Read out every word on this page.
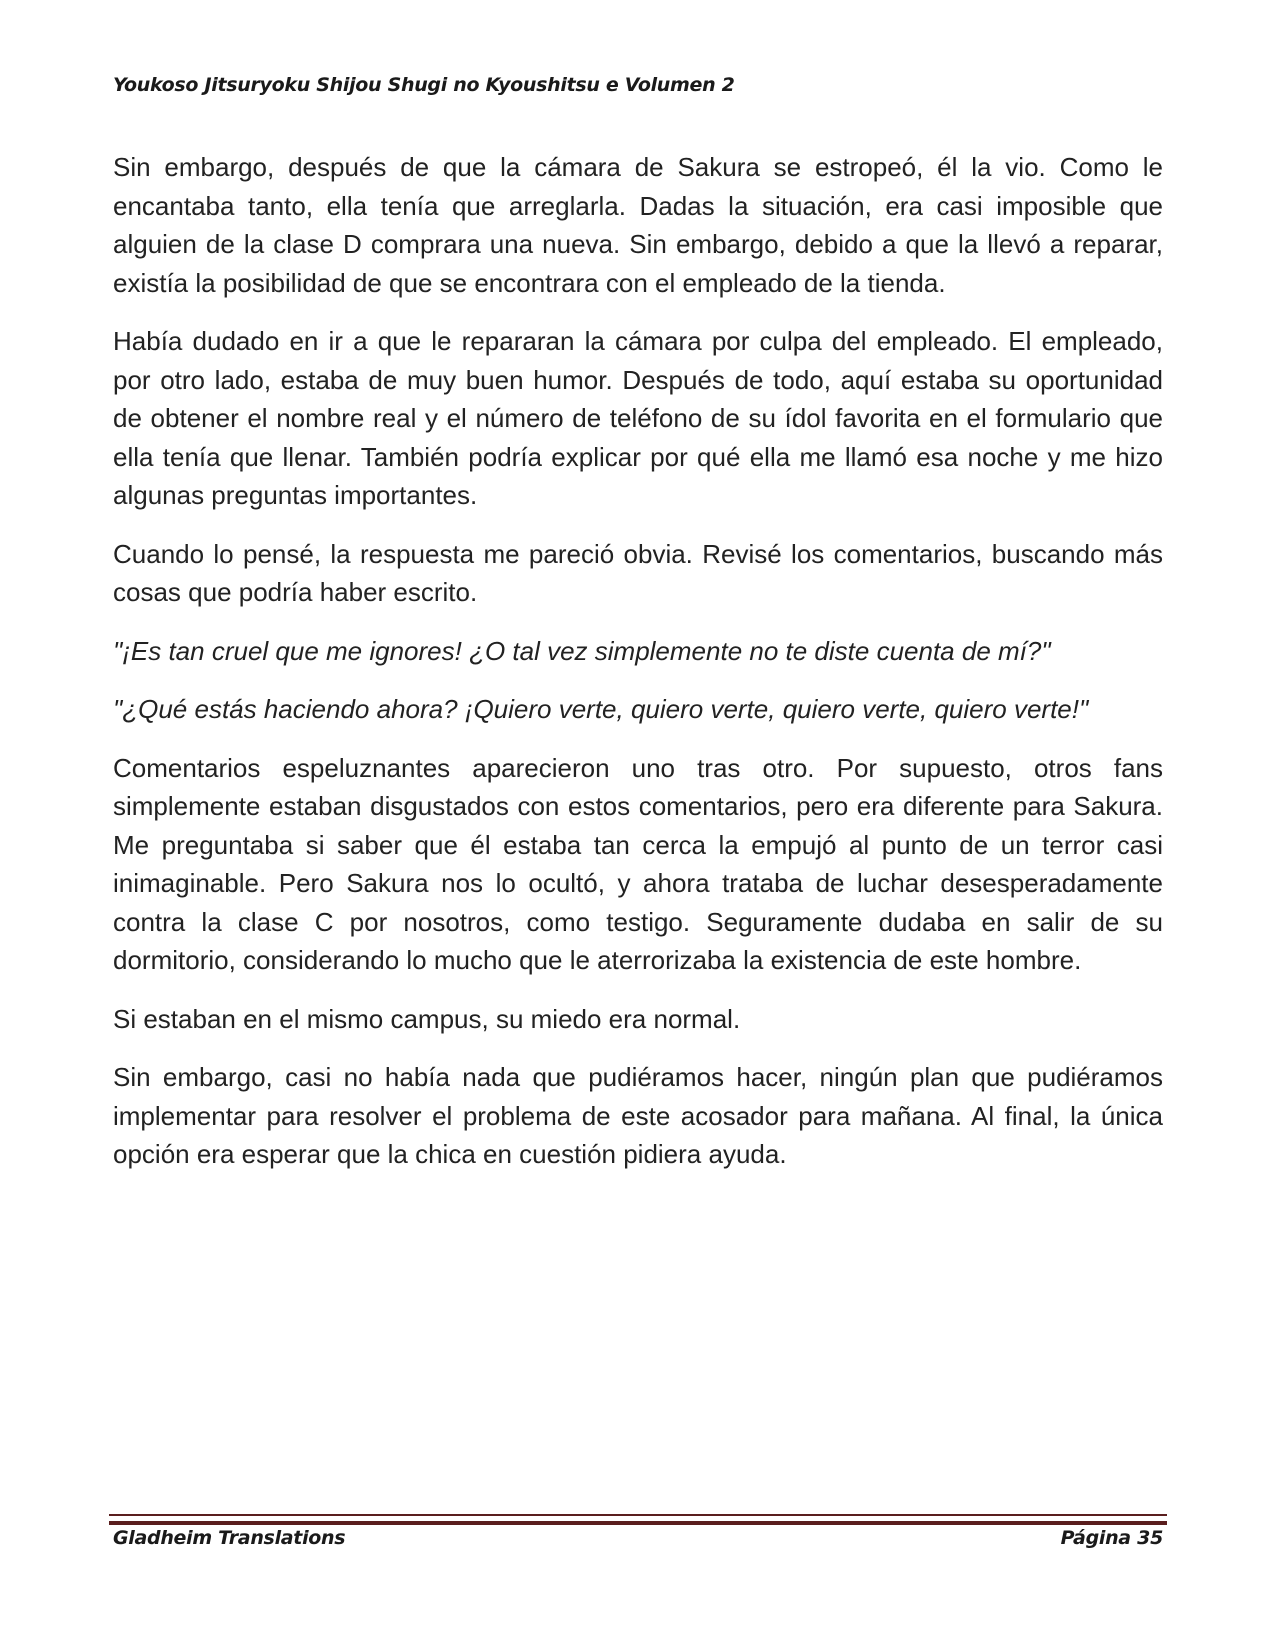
Youkoso Jitsuryoku Shijou Shugi no Kyoushitsu e Volumen 2

Sin embargo, después de que la cámara de Sakura se estropeó, él la vio. Como le encantaba tanto, ella tenía que arreglarla. Dadas la situación, era casi imposible que alguien de la clase D comprara una nueva. Sin embargo, debido a que la llevó a reparar, existía la posibilidad de que se encontrara con el empleado de la tienda.

Había dudado en ir a que le repararan la cámara por culpa del empleado. El empleado, por otro lado, estaba de muy buen humor. Después de todo, aquí estaba su oportunidad de obtener el nombre real y el número de teléfono de su ídol favorita en el formulario que ella tenía que llenar. También podría explicar por qué ella me llamó esa noche y me hizo algunas preguntas importantes.

Cuando lo pensé, la respuesta me pareció obvia. Revisé los comentarios, buscando más cosas que podría haber escrito.

"¡Es tan cruel que me ignores! ¿O tal vez simplemente no te diste cuenta de mí?"

"¿Qué estás haciendo ahora? ¡Quiero verte, quiero verte, quiero verte, quiero verte!"

Comentarios espeluznantes aparecieron uno tras otro. Por supuesto, otros fans simplemente estaban disgustados con estos comentarios, pero era diferente para Sakura. Me preguntaba si saber que él estaba tan cerca la empujó al punto de un terror casi inimaginable. Pero Sakura nos lo ocultó, y ahora trataba de luchar desesperadamente contra la clase C por nosotros, como testigo. Seguramente dudaba en salir de su dormitorio, considerando lo mucho que le aterrorizaba la existencia de este hombre.

Si estaban en el mismo campus, su miedo era normal.

Sin embargo, casi no había nada que pudiéramos hacer, ningún plan que pudiéramos implementar para resolver el problema de este acosador para mañana. Al final, la única opción era esperar que la chica en cuestión pidiera ayuda.

Gladheim Translations	Página 35
